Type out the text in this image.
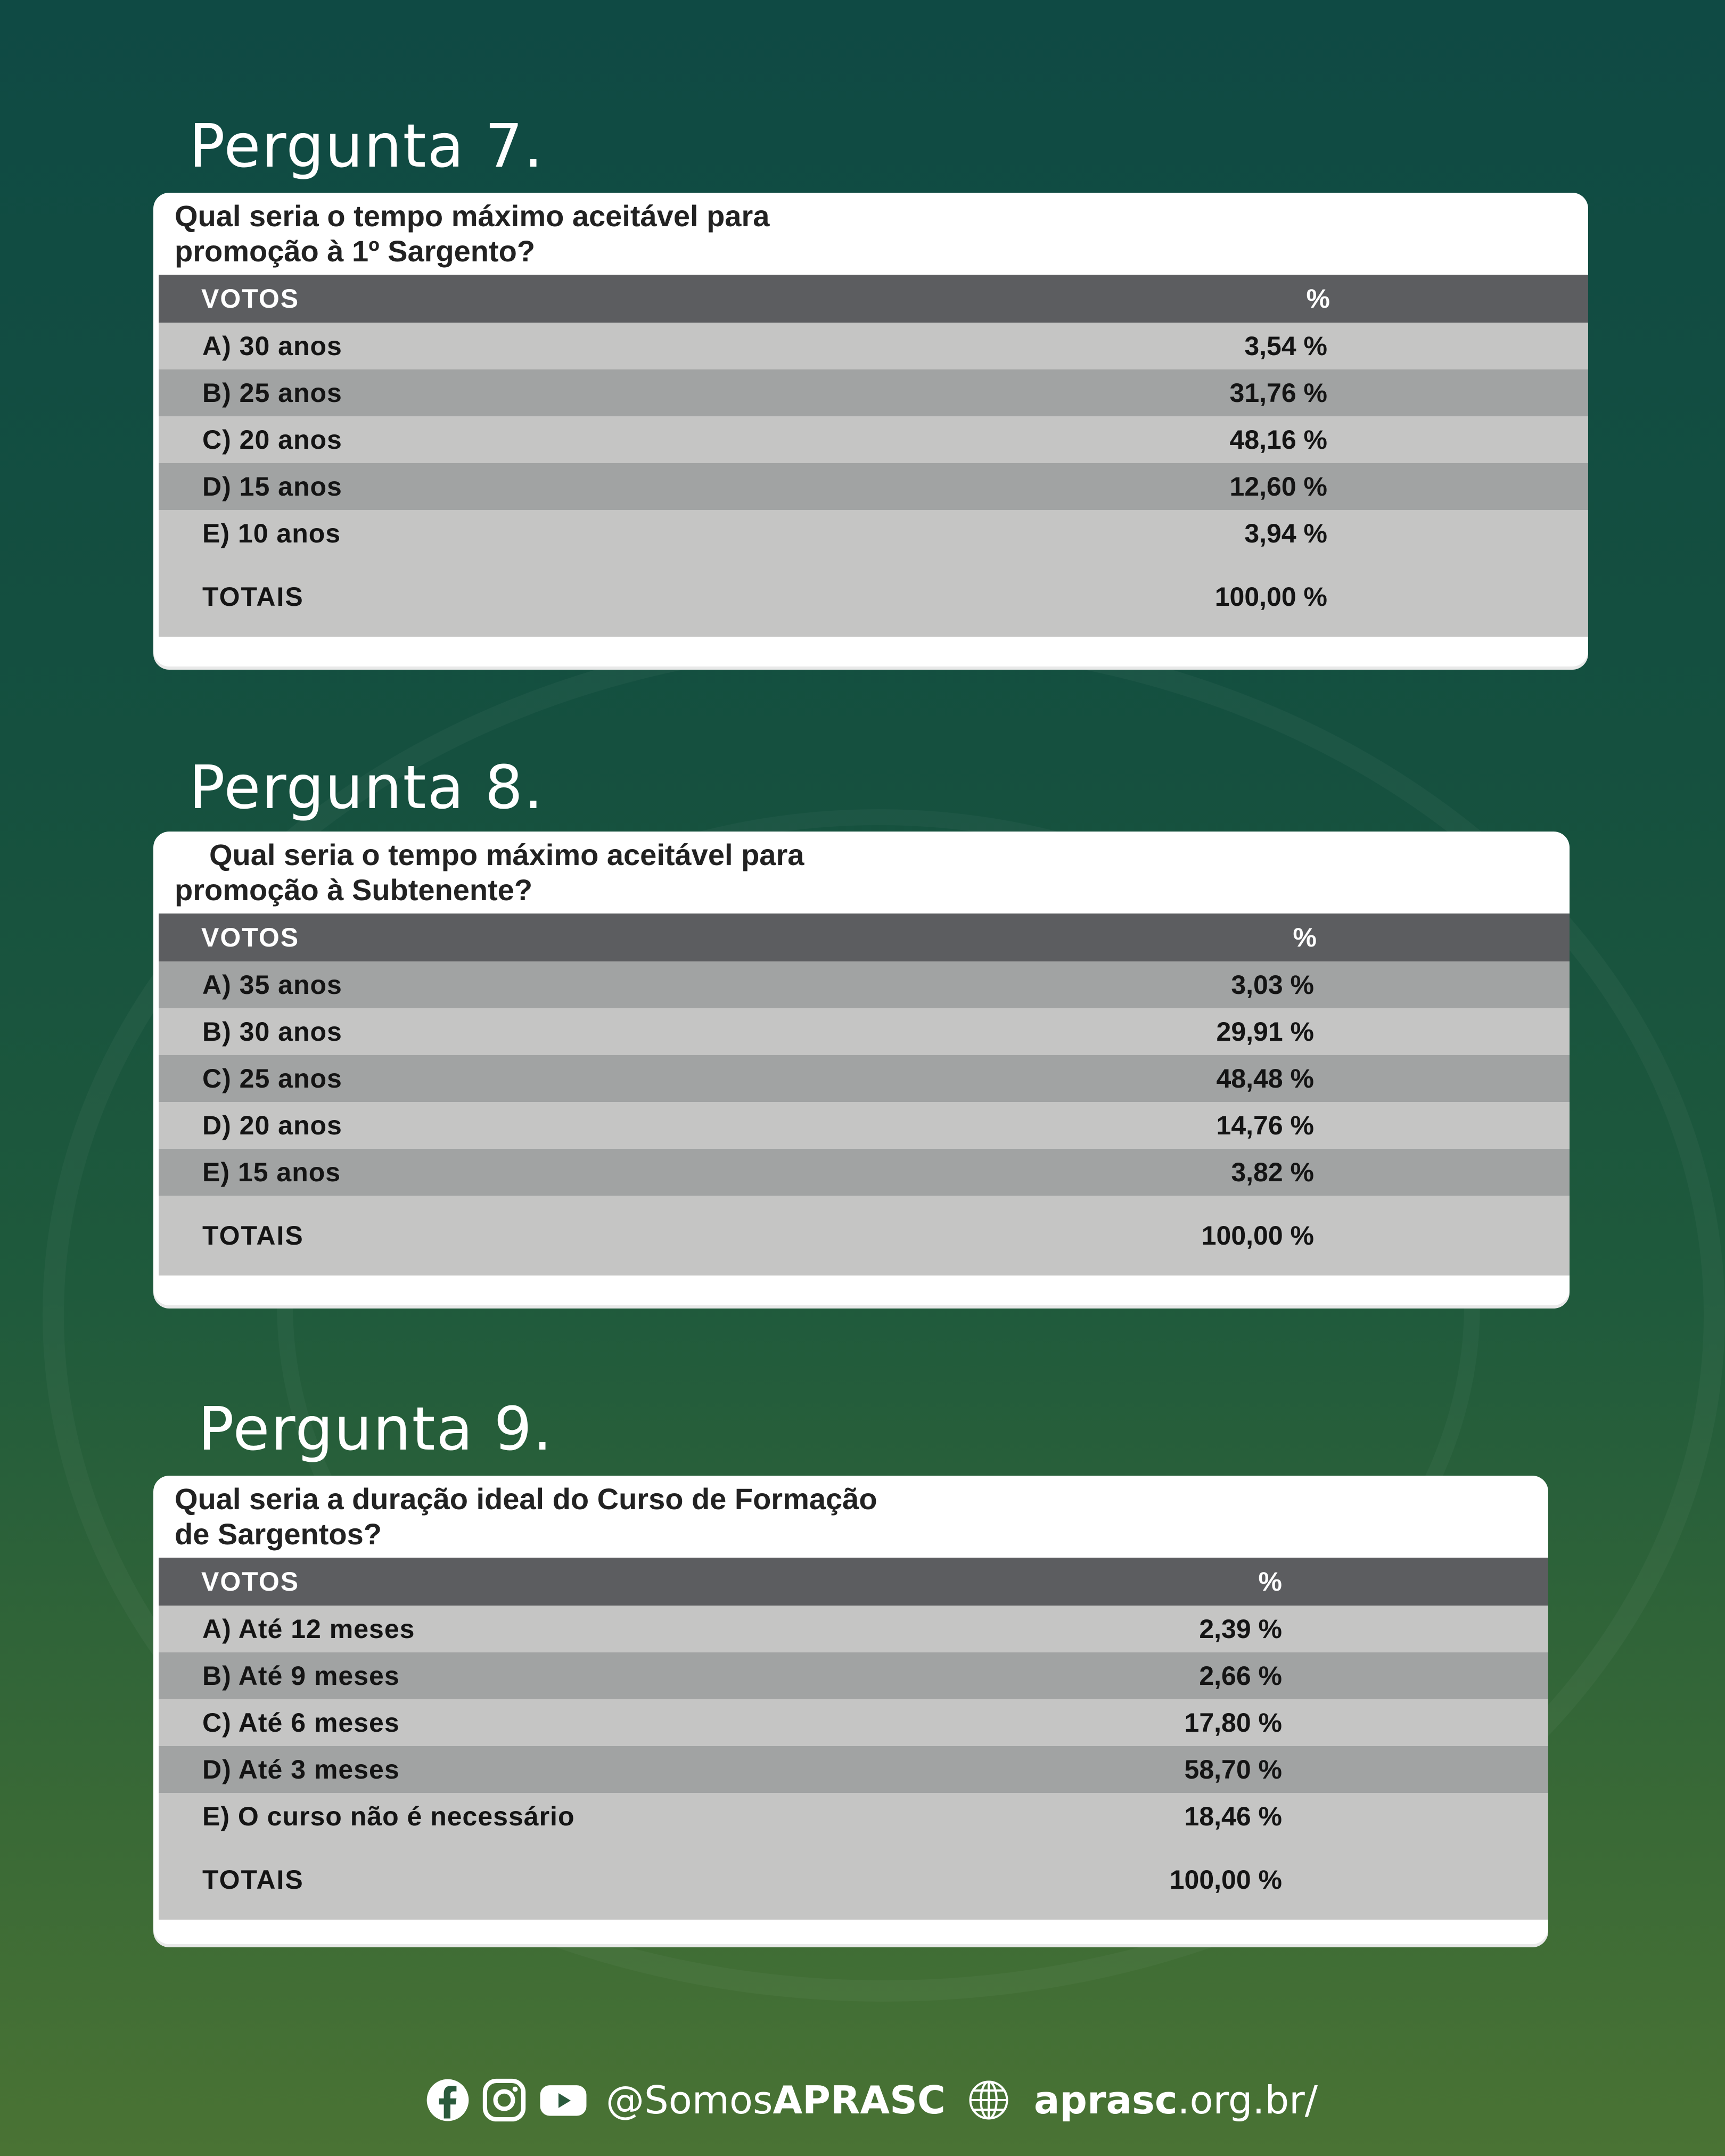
Pergunta 7.
Qual seria o tempo máximo aceitável para
promoção à 1º Sargento?
VOTOS	%
A) 30 anos	3,54 %
B) 25 anos	31,76 %
C) 20 anos	48,16 %
D) 15 anos	12,60 %
E) 10 anos	3,94 %
TOTAIS	100,00 %
Pergunta 8.
Qual seria o tempo máximo aceitável para
promoção à Subtenente?
VOTOS	%
A) 35 anos	3,03 %
B) 30 anos	29,91 %
C) 25 anos	48,48 %
D) 20 anos	14,76 %
E) 15 anos	3,82 %
TOTAIS	100,00 %
Pergunta 9.
Qual seria a duração ideal do Curso de Formação
de Sargentos?
VOTOS	%
A) Até 12 meses	2,39 %
B) Até 9 meses	2,66 %
C) Até 6 meses	17,80 %
D) Até 3 meses	58,70 %
E) O curso não é necessário	18,46 %
TOTAIS	100,00 %
@SomosAPRASC aprasc.org.br/
